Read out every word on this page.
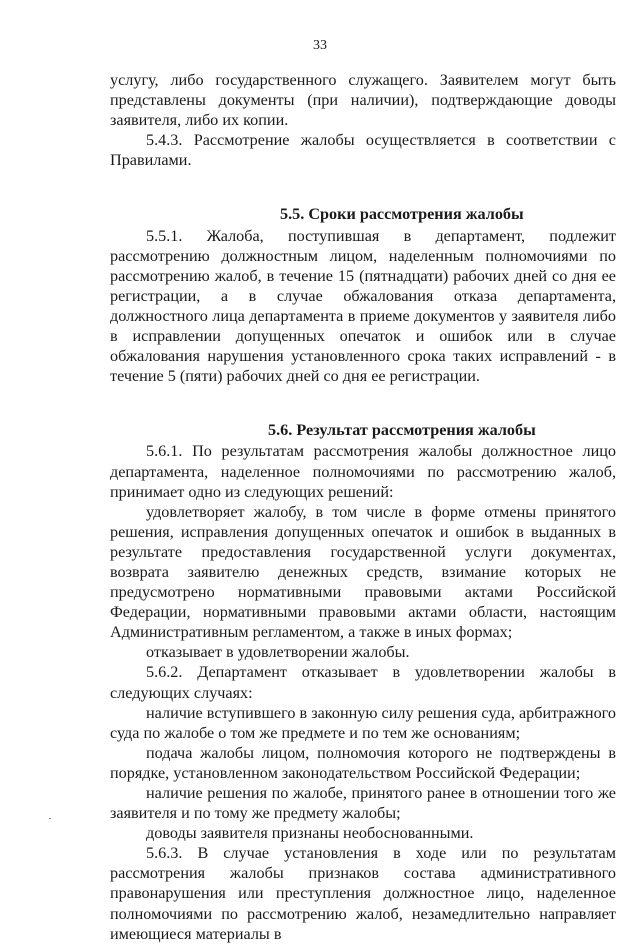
33

услугу, либо государственного служащего. Заявителем могут быть представлены документы (при наличии), подтверждающие доводы заявителя, либо их копии.

5.4.3. Рассмотрение жалобы осуществляется в соответствии с Правилами.

5.5. Сроки рассмотрения жалобы

5.5.1. Жалоба, поступившая в департамент, подлежит рассмотрению должностным лицом, наделенным полномочиями по рассмотрению жалоб, в течение 15 (пятнадцати) рабочих дней со дня ее регистрации, а в случае обжалования отказа департамента, должностного лица департамента в приеме документов у заявителя либо в исправлении допущенных опечаток и ошибок или в случае обжалования нарушения установленного срока таких исправлений - в течение 5 (пяти) рабочих дней со дня ее регистрации.

5.6. Результат рассмотрения жалобы

5.6.1. По результатам рассмотрения жалобы должностное лицо департамента, наделенное полномочиями по рассмотрению жалоб, принимает одно из следующих решений:

удовлетворяет жалобу, в том числе в форме отмены принятого решения, исправления допущенных опечаток и ошибок в выданных в результате предоставления государственной услуги документах, возврата заявителю денежных средств, взимание которых не предусмотрено нормативными правовыми актами Российской Федерации, нормативными правовыми актами области, настоящим Административным регламентом, а также в иных формах;

отказывает в удовлетворении жалобы.

5.6.2. Департамент отказывает в удовлетворении жалобы в следующих случаях:

наличие вступившего в законную силу решения суда, арбитражного суда по жалобе о том же предмете и по тем же основаниям;

подача жалобы лицом, полномочия которого не подтверждены в порядке, установленном законодательством Российской Федерации;

наличие решения по жалобе, принятого ранее в отношении того же заявителя и по тому же предмету жалобы;

доводы заявителя признаны необоснованными.

5.6.3. В случае установления в ходе или по результатам рассмотрения жалобы признаков состава административного правонарушения или преступления должностное лицо, наделенное полномочиями по рассмотрению жалоб, незамедлительно направляет имеющиеся материалы в
